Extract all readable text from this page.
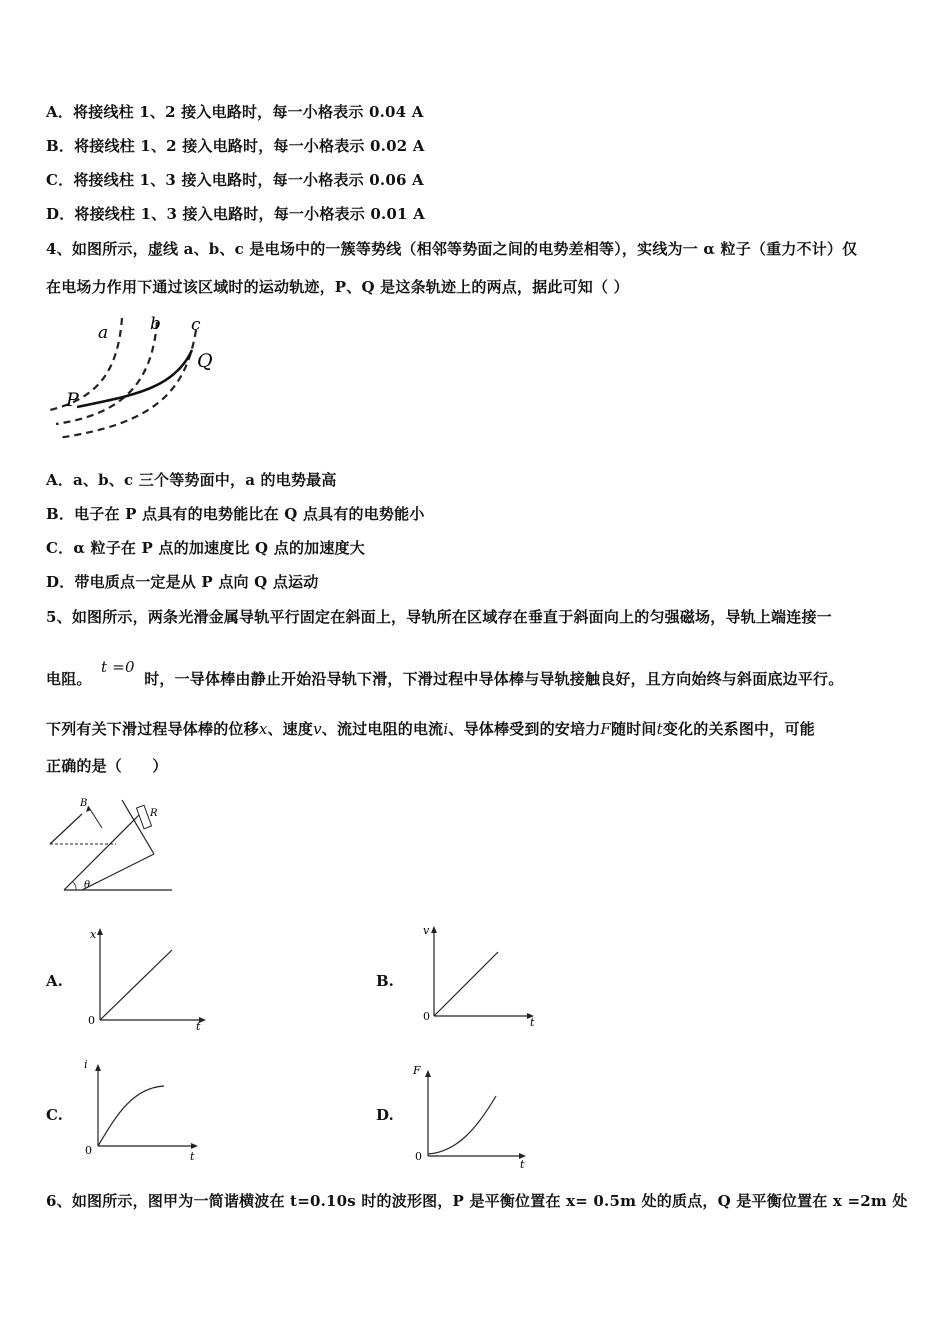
A．将接线柱 1、2 接入电路时，每一小格表示 0.04 A
B．将接线柱 1、2 接入电路时，每一小格表示 0.02 A
C．将接线柱 1、3 接入电路时，每一小格表示 0.06 A
D．将接线柱 1、3 接入电路时，每一小格表示 0.01 A
4、如图所示，虚线 a、b、c 是电场中的一簇等势线（相邻等势面之间的电势差相等），实线为一 α 粒子（重力不计）仅
在电场力作用下通过该区域时的运动轨迹，P、Q 是这条轨迹上的两点，据此可知（ ）
a b c
Q
P
A．a、b、c 三个等势面中，a 的电势最高
B．电子在 P 点具有的电势能比在 Q 点具有的电势能小
C．α 粒子在 P 点的加速度比 Q 点的加速度大
D．带电质点一定是从 P 点向 Q 点运动
5、如图所示，两条光滑金属导轨平行固定在斜面上，导轨所在区域存在垂直于斜面向上的匀强磁场，导轨上端连接一
电阻。 t =0 时，一导体棒由静止开始沿导轨下滑，下滑过程中导体棒与导轨接触良好，且方向始终与斜面底边平行。
下列有关下滑过程导体棒的位移x、速度v、流过电阻的电流i、导体棒受到的安培力F随时间t变化的关系图中，可能
正确的是（　　）
B
R
θ
A.
x
t
0
B.
v
t
0
C.
i
t
0
D.
F
t
0
6、如图所示，图甲为一简谐横波在 t=0.10s 时的波形图，P 是平衡位置在 x= 0.5m 处的质点，Q 是平衡位置在 x =2m 处
